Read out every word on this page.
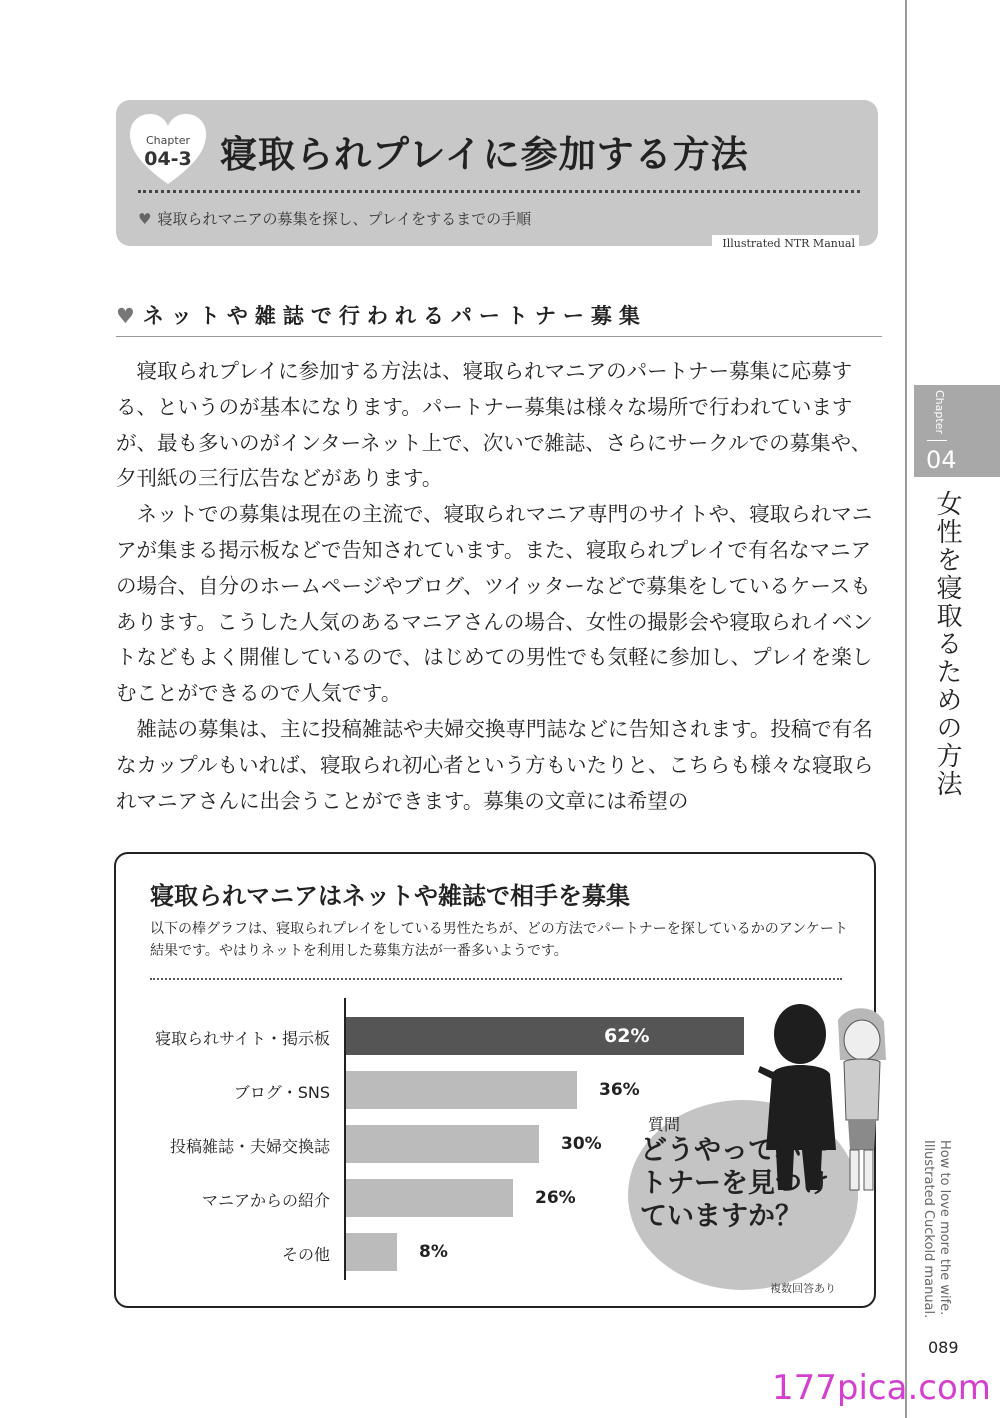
Chapter
04-3 寝取られプレイに参加する方法
♥ 寝取られマニアの募集を探し、プレイをするまでの手順
Illustrated NTR Manual
♥ ネットや雑誌で行われるパートナー募集

寝取られプレイに参加する方法は、寝取られマニアのパートナー募集に応募する、というのが基本になります。パートナー募集は様々な場所で行われていますが、最も多いのがインターネット上で、次いで雑誌、さらにサークルでの募集や、夕刊紙の三行広告などがあります。

ネットでの募集は現在の主流で、寝取られマニア専門のサイトや、寝取られマニアが集まる掲示板などで告知されています。また、寝取られプレイで有名なマニアの場合、自分のホームページやブログ、ツイッターなどで募集をしているケースもあります。こうした人気のあるマニアさんの場合、女性の撮影会や寝取られイベントなどもよく開催しているので、はじめての男性でも気軽に参加し、プレイを楽しむことができるので人気です。

雑誌の募集は、主に投稿雑誌や夫婦交換専門誌などに告知されます。投稿で有名なカップルもいれば、寝取られ初心者という方もいたりと、こちらも様々な寝取られマニアさんに出会うことができます。募集の文章には希望の

寝取られマニアはネットや雑誌で相手を募集
以下の棒グラフは、寝取られプレイをしている男性たちが、どの方法でパートナーを探しているかのアンケート結果です。やはりネットを利用した募集方法が一番多いようです。
質問
どうやってパートナーを見つけていますか？
寝取られサイト・掲示板	62%
ブログ・SNS	36%
投稿雑誌・夫婦交換誌	30%
マニアからの紹介	26%
その他	8%
複数回答あり
Chapter
04
女性を寝取るための方法
How to love more the wife.
Illustrated Cuckold manual.
089
177pica.com
